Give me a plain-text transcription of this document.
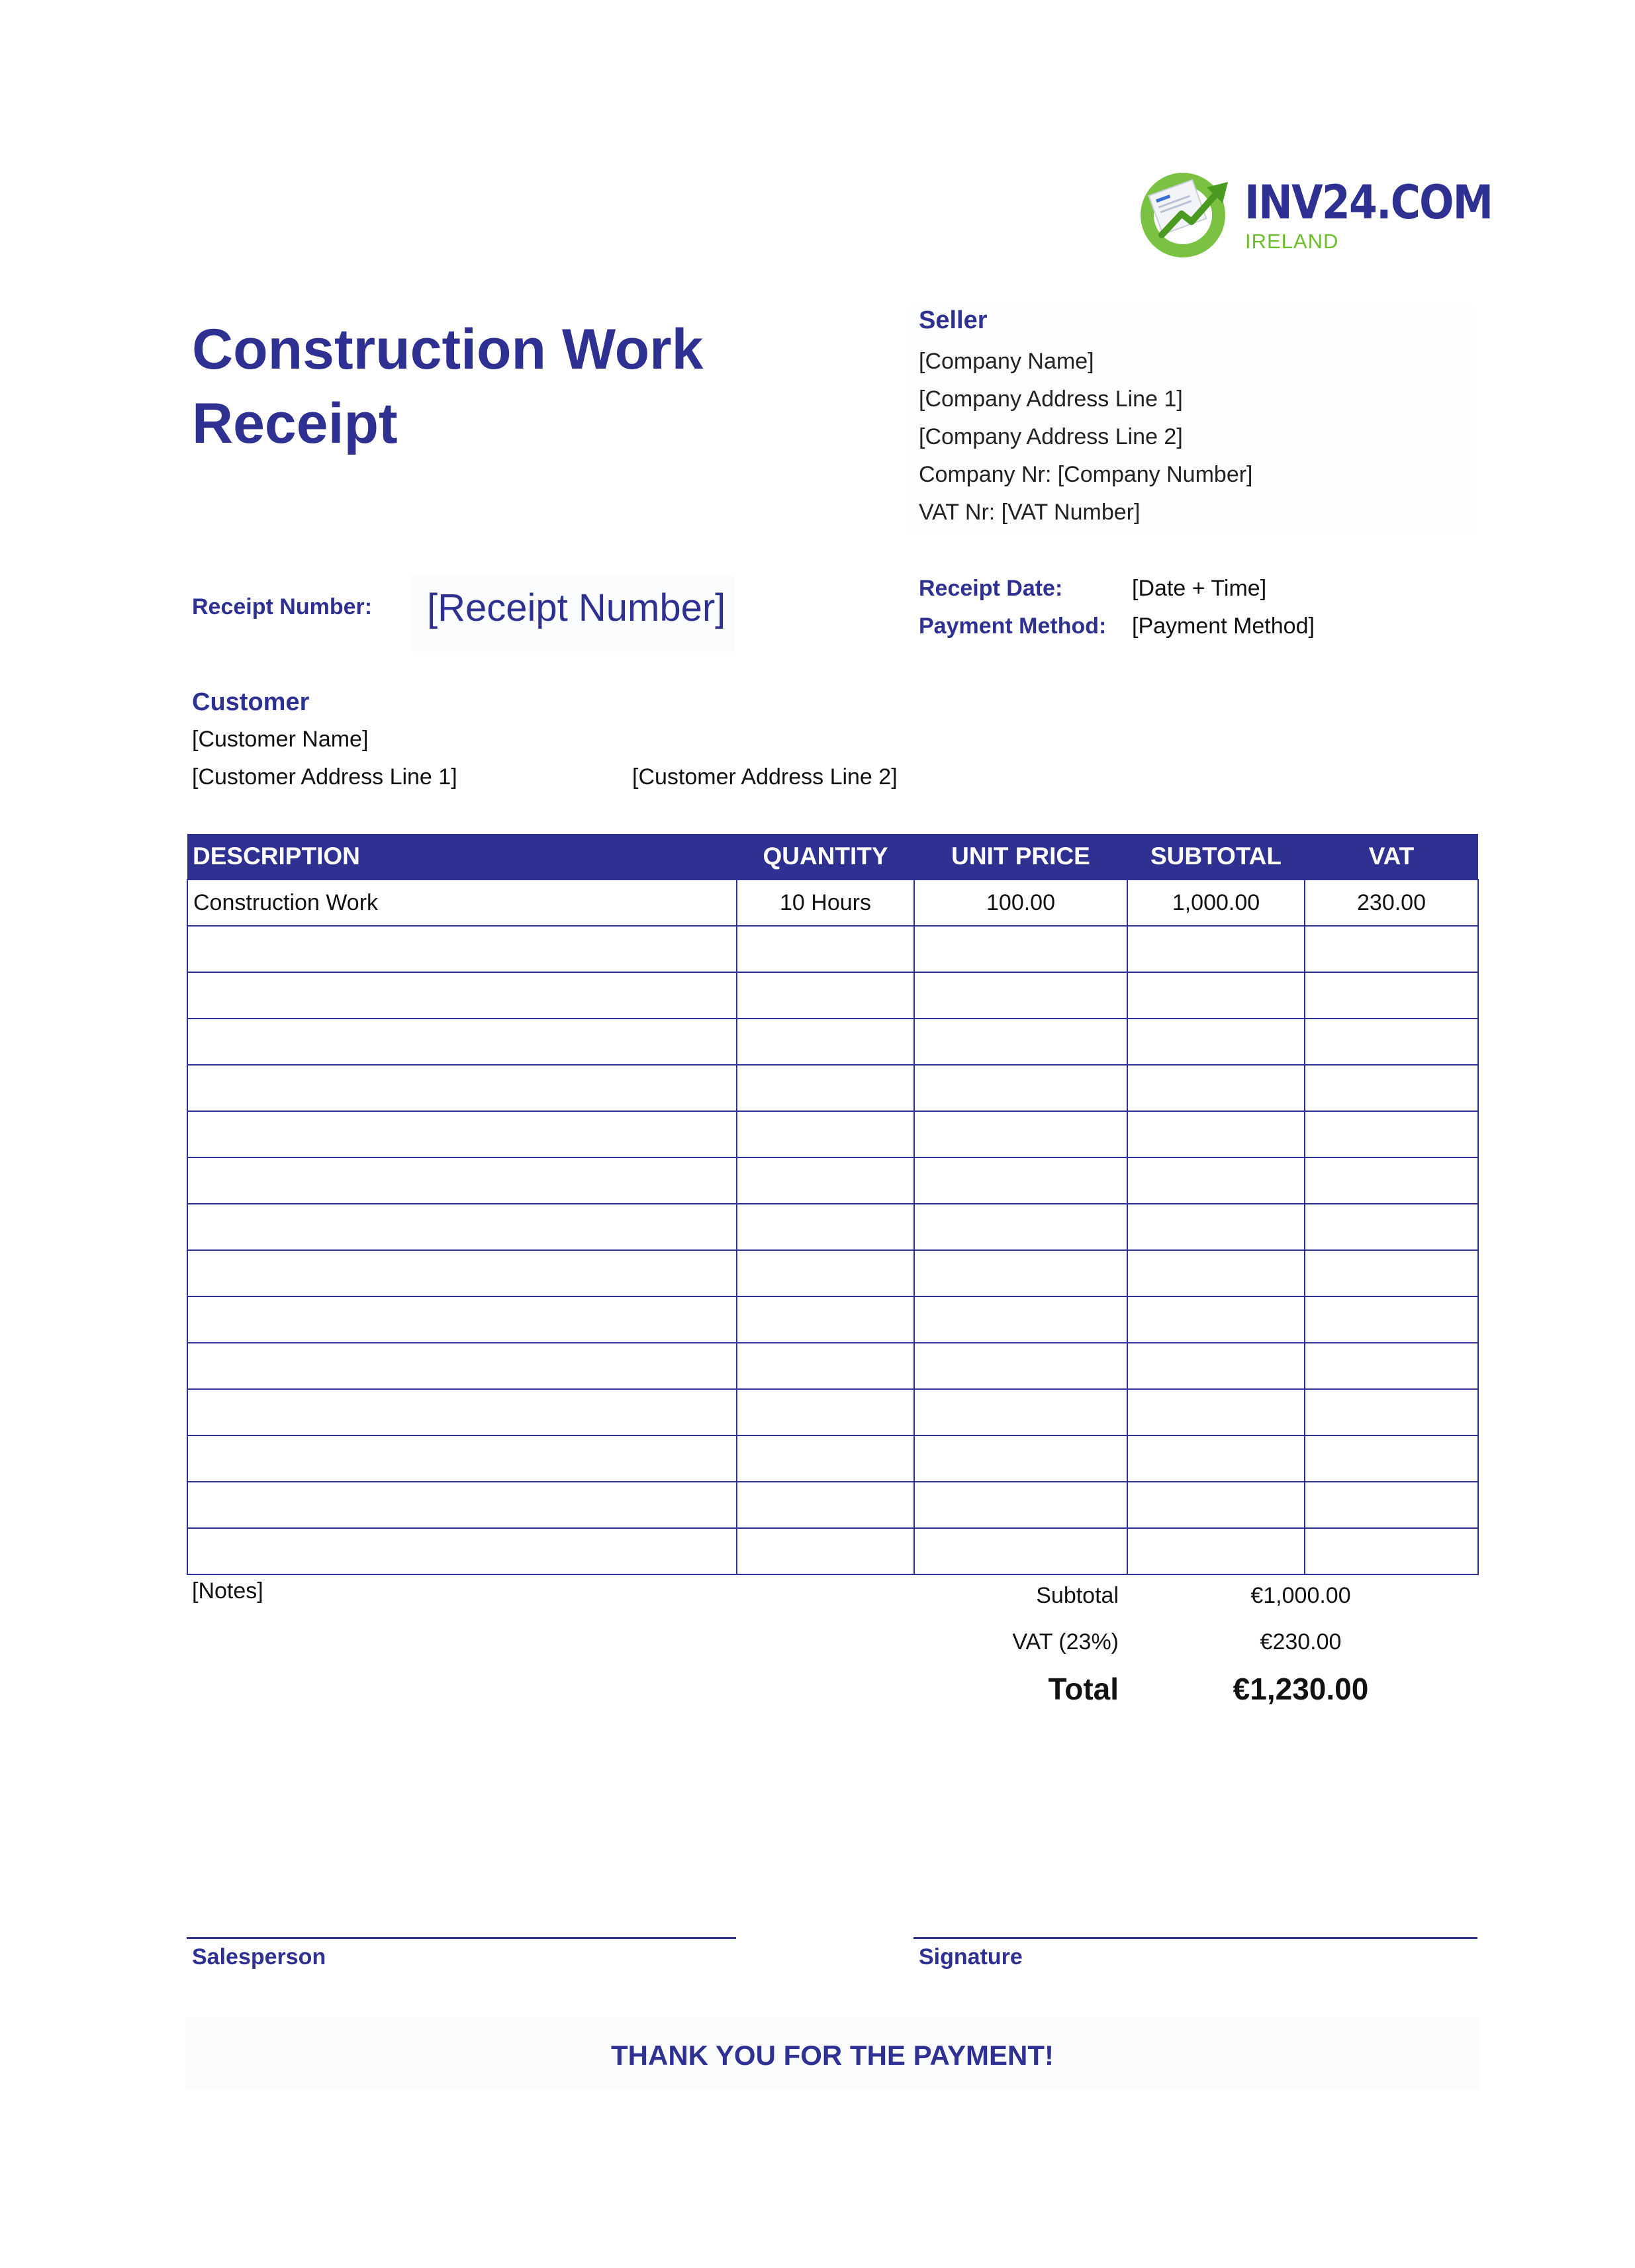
INV24.COM
IRELAND
Construction Work Receipt
Seller
[Company Name]
[Company Address Line 1]
[Company Address Line 2]
Company Nr: [Company Number]
VAT Nr: [VAT Number]
Receipt Number: [Receipt Number]	Receipt Date:	[Date + Time]
Payment Method: [Payment Method]
Customer
[Customer Name]
[Customer Address Line 1]	[Customer Address Line 2]
DESCRIPTION	QUANTITY	UNIT PRICE	SUBTOTAL	VAT
Construction Work	10 Hours	100.00	1,000.00	230.00

[Notes]	Subtotal	€1,000.00
VAT (23%)	€230.00
Total	€1,230.00
Salesperson	Signature
THANK YOU FOR THE PAYMENT!
